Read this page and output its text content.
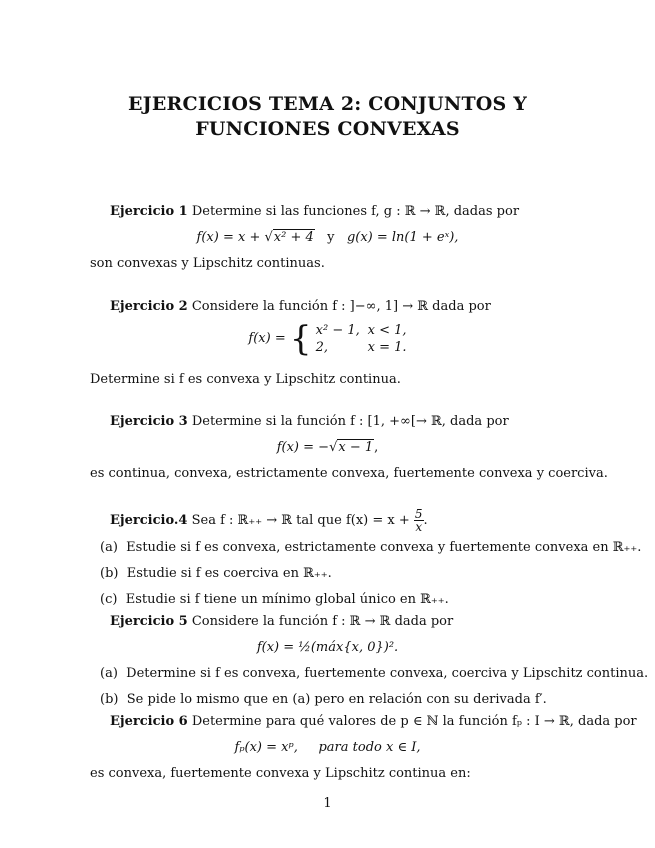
EJERCICIOS TEMA 2: CONJUNTOS Y
FUNCIONES CONVEXAS
Ejercicio 1 Determine si las funciones f, g : ℝ → ℝ, dadas por
f(x) = x + √x² + 4 y g(x) = ln(1 + eˣ),
son convexas y Lipschitz continuas.
Ejercicio 2 Considere la función f : ]−∞, 1] → ℝ dada por
f(x) = { x² − 1, x < 1,
2,	x = 1.
Determine si f es convexa y Lipschitz continua.
Ejercicio 3 Determine si la función f : [1, +∞[→ ℝ, dada por
f(x) = −√x − 1,
es continua, convexa, estrictamente convexa, fuertemente convexa y coerciva.
Ejercicio.4 Sea f : ℝ₊₊ → ℝ tal que $f(x) = x + \frac{5}{x}$ .
(a) Estudie si f es convexa, estrictamente convexa y fuertemente convexa en ℝ₊₊.
(b) Estudie si f es coerciva en ℝ₊₊.
(c) Estudie si f tiene un mínimo global único en ℝ₊₊.
Ejercicio 5 Considere la función f : ℝ → ℝ dada por
f(x) = ½(máx{x, 0})².
(a) Determine si f es convexa, fuertemente convexa, coerciva y Lipschitz continua.
(b) Se pide lo mismo que en (a) pero en relación con su derivada f′.
Ejercicio 6 Determine para qué valores de p ∈ ℕ la función fₚ : I → ℝ, dada por
fₚ(x) = xᵖ,     para todo x ∈ I,
es convexa, fuertemente convexa y Lipschitz continua en:
1
